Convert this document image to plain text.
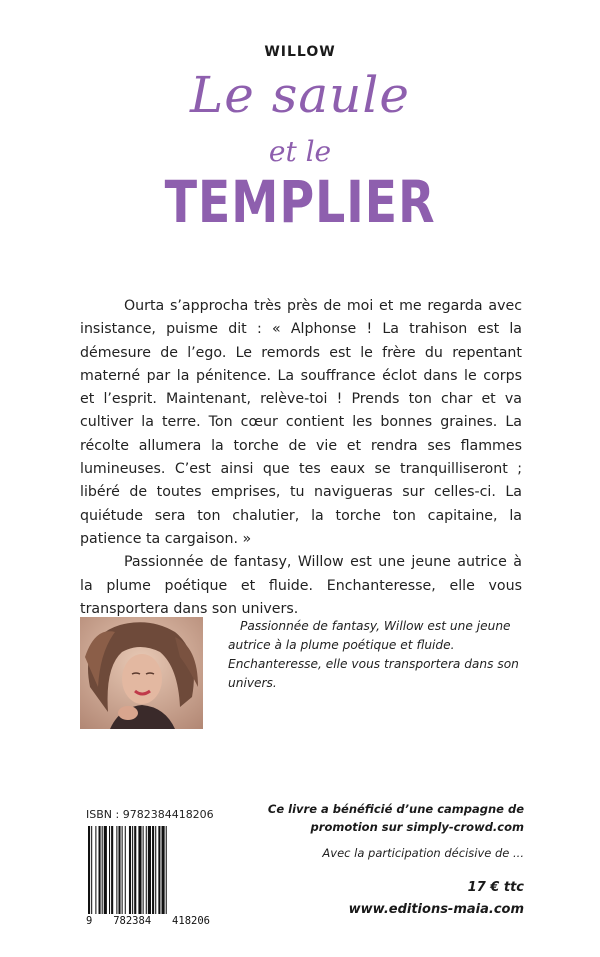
WILLOW
Le saule
et le
TEMPLIER

Ourta s’approcha très près de moi et me regarda avec insistance, puisme dit : « Alphonse ! La trahison est la démesure de l’ego. Le remords est le frère du repentant materné par la pénitence. La souffrance éclot dans le corps et l’esprit. Maintenant, relève-toi ! Prends ton char et va cultiver la terre. Ton cœur contient les bonnes graines. La récolte allumera la torche de vie et rendra ses flammes lumineuses. C’est ainsi que tes eaux se tranquilliseront ; libéré de toutes emprises, tu navigueras sur celles-ci. La quiétude sera ton chalutier, la torche ton capitaine, la patience ta cargaison. »

Passionnée de fantasy, Willow est une jeune autrice à la plume poétique et fluide. Enchanteresse, elle vous transportera dans son univers.

Passionnée de fantasy, Willow est une jeune autrice à la plume poétique et fluide. Enchanteresse, elle vous transportera dans son univers.
ISBN : 9782384418206
9 782384 418206
Ce livre a bénéficié d’une campagne de promotion sur simply-crowd.com
Avec la participation décisive de ...
17 € ttc
www.editions-maia.com
